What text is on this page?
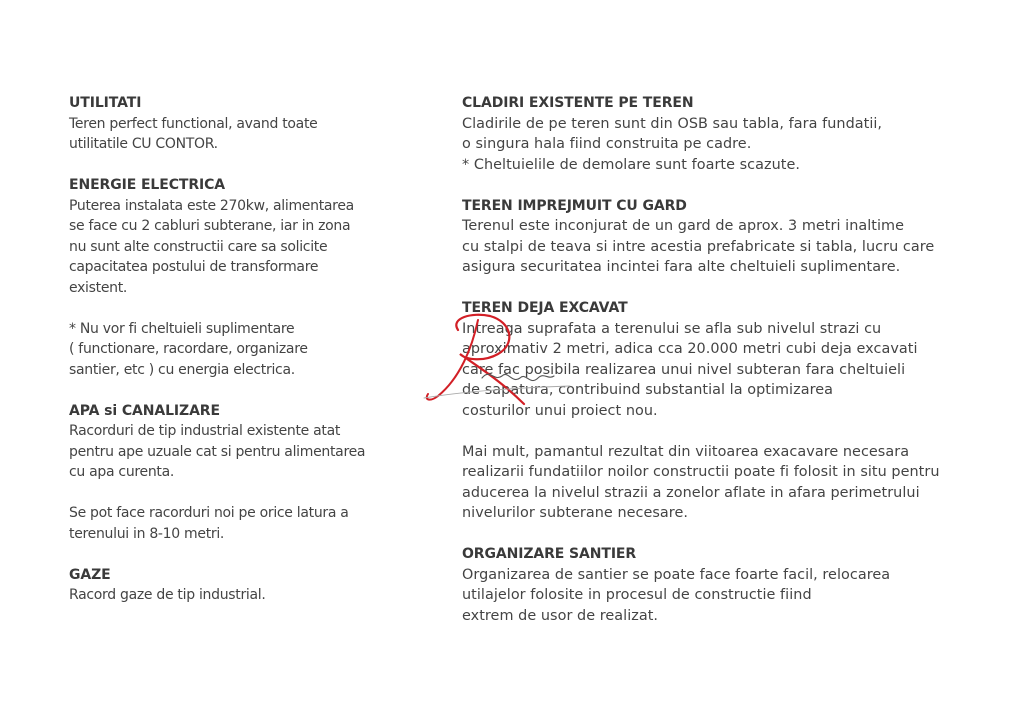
UTILITATI
Teren perfect functional, avand toate
utilitatile CU CONTOR.
ENERGIE ELECTRICA
Puterea instalata este 270kw, alimentarea
se face cu 2 cabluri subterane, iar in zona
nu sunt alte constructii care sa solicite
capacitatea postului de transformare
existent.
* Nu vor fi cheltuieli suplimentare
( functionare, racordare, organizare
santier, etc ) cu energia electrica.
APA si CANALIZARE
Racorduri de tip industrial existente atat
pentru ape uzuale cat si pentru alimentarea
cu apa curenta.
Se pot face racorduri noi pe orice latura a
terenului in 8-10 metri.
GAZE
Racord gaze de tip industrial.
CLADIRI EXISTENTE PE TEREN
Cladirile de pe teren sunt din OSB sau tabla, fara fundatii,
o singura hala fiind construita pe cadre.
* Cheltuielile de demolare sunt foarte scazute.
TEREN IMPREJMUIT CU GARD
Terenul este inconjurat de un gard de aprox. 3 metri inaltime
cu stalpi de teava si intre acestia prefabricate si tabla, lucru care
asigura securitatea incintei fara alte cheltuieli suplimentare.
TEREN DEJA EXCAVAT
Intreaga suprafata a terenului se afla sub nivelul strazi cu
aproximativ 2 metri, adica cca 20.000 metri cubi deja excavati
care fac posibila realizarea unui nivel subteran fara cheltuieli
de sapatura, contribuind substantial la optimizarea
costurilor unui proiect nou.
Mai mult, pamantul rezultat din viitoarea exacavare necesara
realizarii fundatiilor noilor constructii poate fi folosit in situ pentru
aducerea la nivelul strazii a zonelor aflate in afara perimetrului
nivelurilor subterane necesare.
ORGANIZARE SANTIER
Organizarea de santier se poate face foarte facil, relocarea
utilajelor folosite in procesul de constructie fiind
extrem de usor de realizat.
